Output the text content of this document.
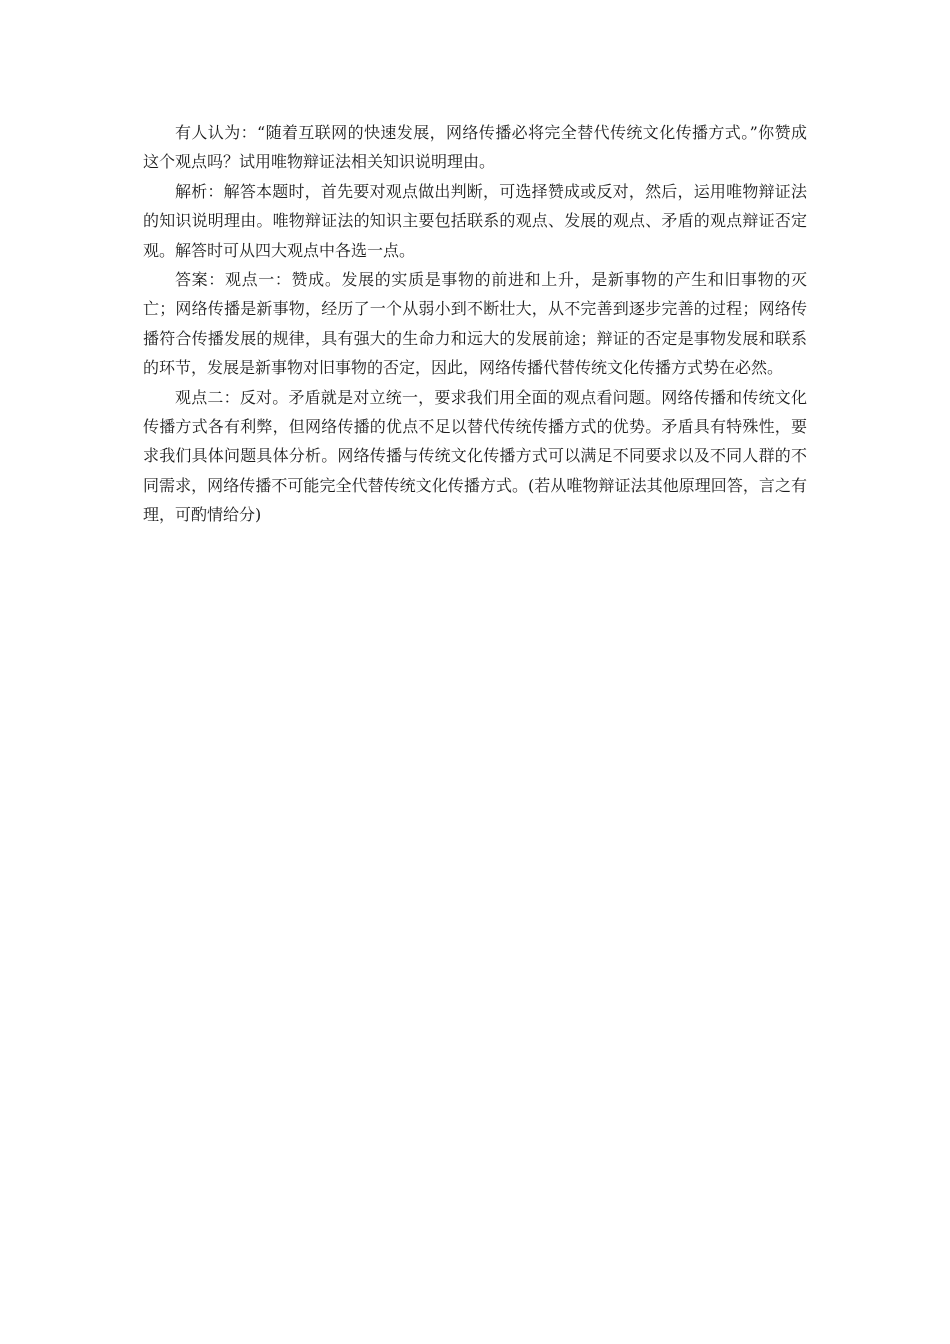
有人认为：“随着互联网的快速发展，网络传播必将完全替代传统文化传播方式。”你赞成这个观点吗？试用唯物辩证法相关知识说明理由。

解析：解答本题时，首先要对观点做出判断，可选择赞成或反对，然后，运用唯物辩证法的知识说明理由。唯物辩证法的知识主要包括联系的观点、发展的观点、矛盾的观点辩证否定观。解答时可从四大观点中各选一点。

答案：观点一：赞成。发展的实质是事物的前进和上升，是新事物的产生和旧事物的灭亡；网络传播是新事物，经历了一个从弱小到不断壮大，从不完善到逐步完善的过程；网络传播符合传播发展的规律，具有强大的生命力和远大的发展前途；辩证的否定是事物发展和联系的环节，发展是新事物对旧事物的否定，因此，网络传播代替传统文化传播方式势在必然。

观点二：反对。矛盾就是对立统一，要求我们用全面的观点看问题。网络传播和传统文化传播方式各有利弊，但网络传播的优点不足以替代传统传播方式的优势。矛盾具有特殊性，要求我们具体问题具体分析。网络传播与传统文化传播方式可以满足不同要求以及不同人群的不同需求，网络传播不可能完全代替传统文化传播方式。(若从唯物辩证法其他原理回答，言之有理，可酌情给分)
